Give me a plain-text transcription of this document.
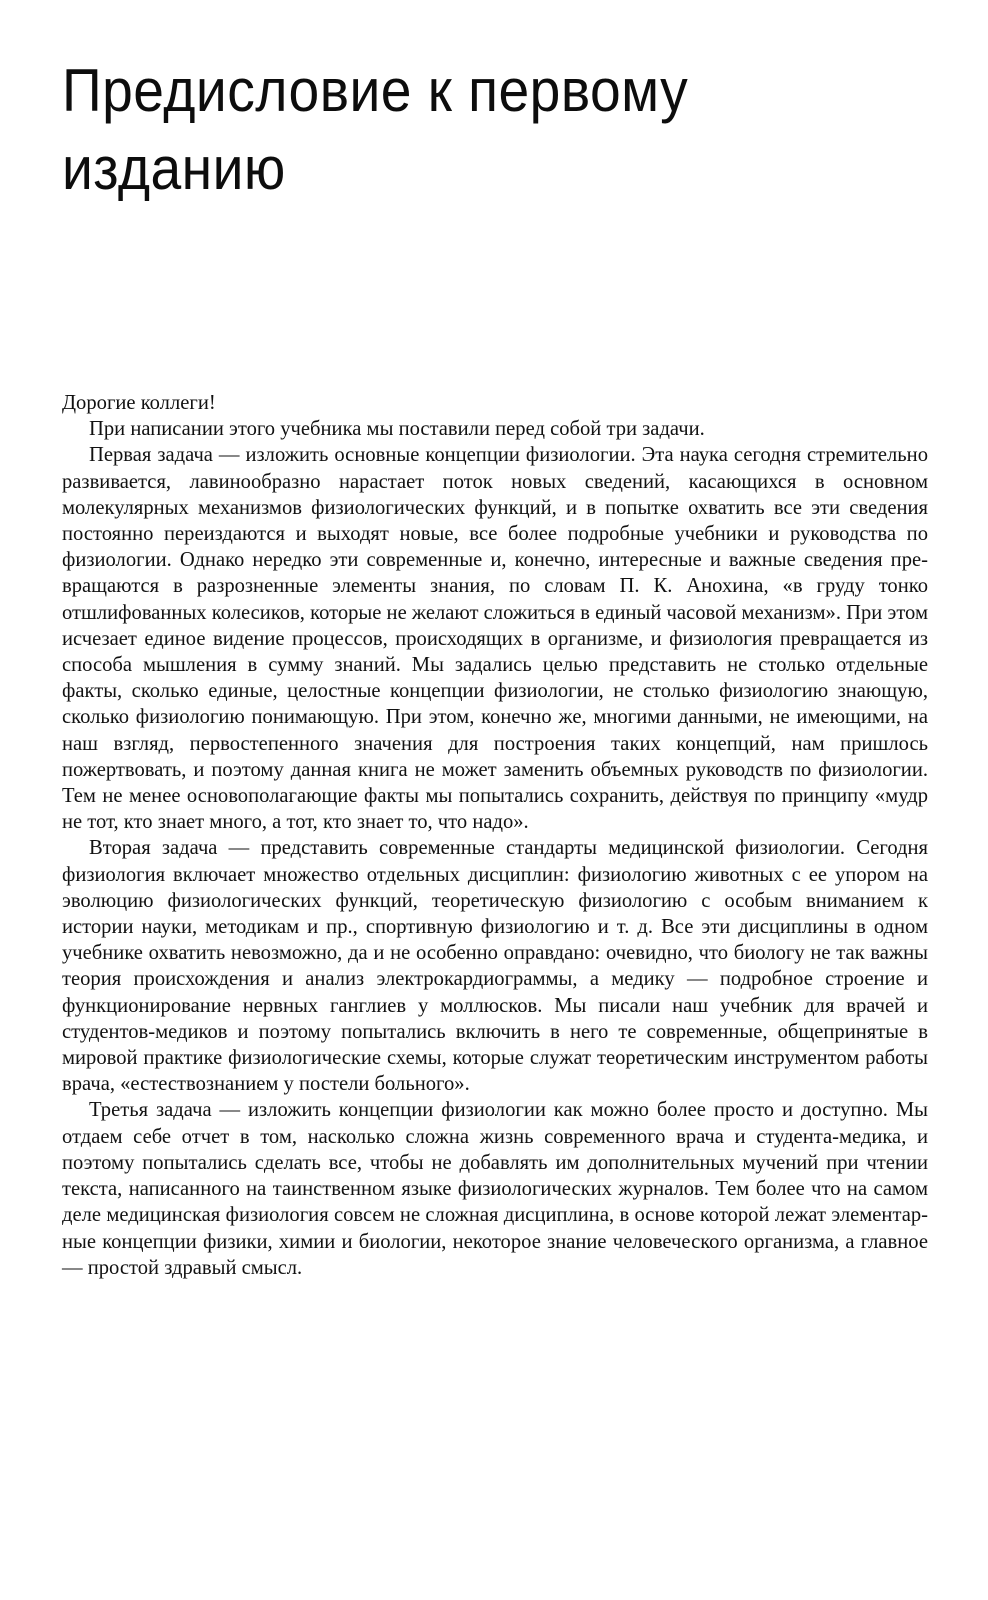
Предисловие к первому
изданию

Дорогие коллеги!

При написании этого учебника мы поставили перед собой три задачи.

Первая задача — изложить основные концепции физиологии. Эта наука сегодня стремительно развивается, лавинообразно нарастает поток новых сведений, касающихся в основном молекулярных механизмов физиологических функций, и в попытке охватить все эти сведения постоянно переиздаются и выходят новые, все более подробные учебники и руководства по физиологии. Однако нередко эти современные и, конечно, интересные и важные сведения превращаются в разрозненные элементы знания, по словам П. К. Анохина, «в груду тонко отшлифованных колесиков, которые не желают сложиться в единый часовой механизм». При этом исчезает единое видение процессов, происходящих в организме, и физиология превращается из способа мышления в сумму знаний. Мы задались целью представить не столько отдельные факты, сколько единые, целостные концепции физиологии, не столько физиологию знающую, сколько физиологию понимающую. При этом, конечно же, многими данными, не имеющими, на наш взгляд, первостепенного значения для построения таких концепций, нам пришлось пожертвовать, и поэтому данная книга не может заменить объемных руководств по физиологии. Тем не менее основополагающие факты мы попытались сохранить, действуя по принципу «мудр не тот, кто знает много, а тот, кто знает то, что надо».

Вторая задача — представить современные стандарты медицинской физиологии. Сегодня физиология включает множество отдельных дисциплин: физиологию животных с ее упором на эволюцию физиологических функций, теоретическую физиологию с особым вниманием к истории науки, методикам и пр., спортивную физиологию и т. д. Все эти дисциплины в одном учебнике охватить невозможно, да и не особенно оправдано: очевидно, что биологу не так важны теория происхождения и анализ электрокардиограммы, а медику — подробное строение и функционирование нервных ганглиев у моллюсков. Мы писали наш учебник для врачей и студентов-медиков и поэтому попытались включить в него те современные, общепринятые в мировой практике физиологические схемы, которые служат теоретическим инструментом работы врача, «естествознанием у постели больного».

Третья задача — изложить концепции физиологии как можно более просто и доступно. Мы отдаем себе отчет в том, насколько сложна жизнь современного врача и студента-медика, и поэтому попытались сделать все, чтобы не добавлять им дополнительных мучений при чтении текста, написанного на таинственном языке физиологических журналов. Тем более что на самом деле медицинская физиология совсем не сложная дисциплина, в основе которой лежат элементарные концепции физики, химии и биологии, некоторое знание человеческого организма, а главное — простой здравый смысл.
